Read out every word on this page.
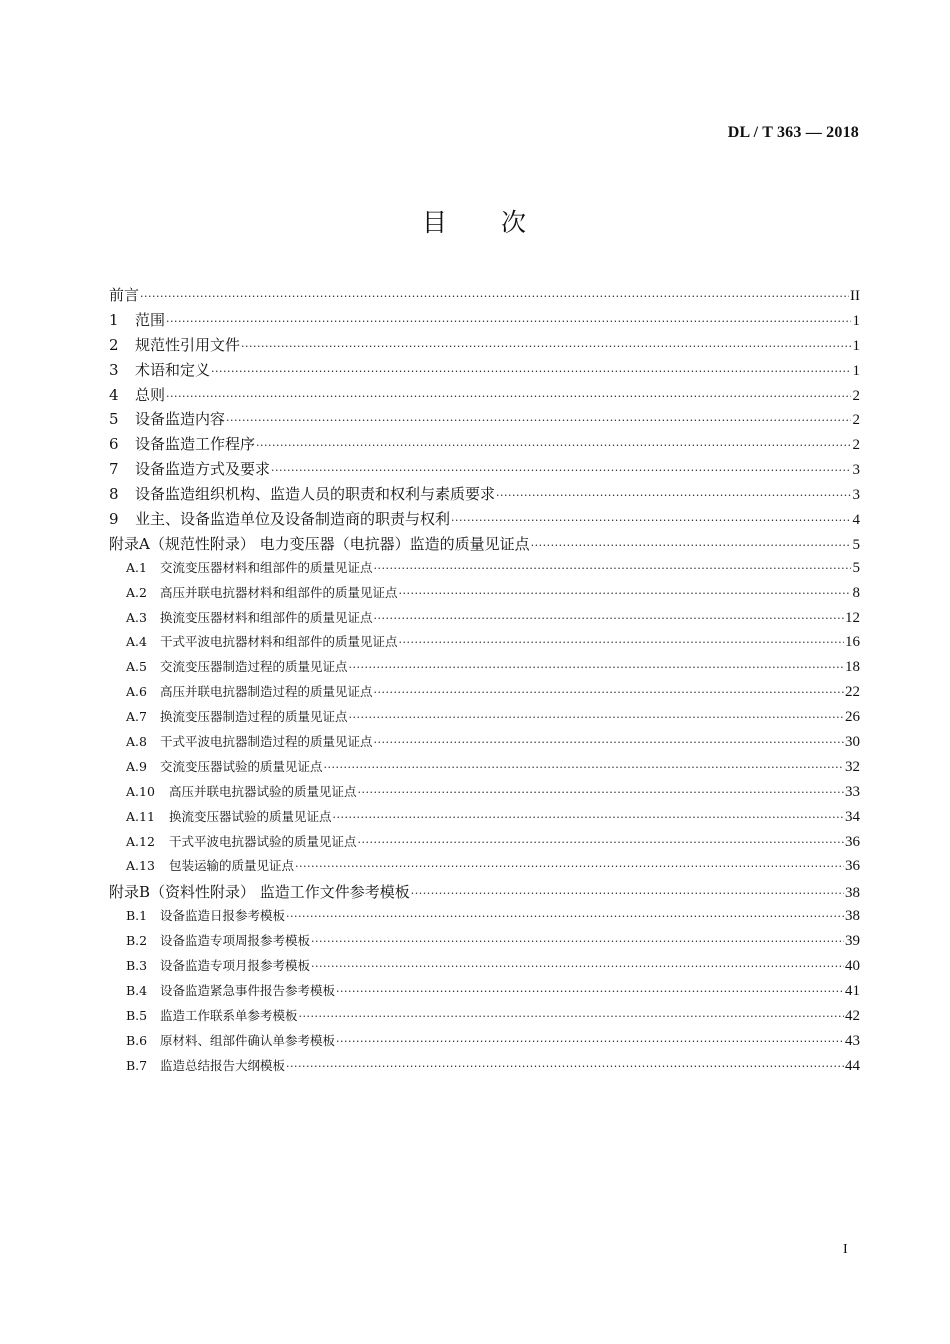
DL / T 363 — 2018
目 次
前言 ·····	II
1	范围 ·····	1
2	规范性引用文件 ·····	1
3	术语和定义 ·····	1
4	总则 ·····	2
5	设备监造内容 ·····	2
6	设备监造工作程序 ·····	2
7	设备监造方式及要求 ·····	3
8	设备监造组织机构、监造人员的职责和权利与素质要求 ·····	3
9	业主、设备监造单位及设备制造商的职责与权利 ·····	4
附录A（规范性附录） 电力变压器（电抗器）监造的质量见证点 ·····	5
A.1	交流变压器材料和组部件的质量见证点 ·····	5
A.2	高压并联电抗器材料和组部件的质量见证点 ·····	8
A.3	换流变压器材料和组部件的质量见证点 ·····	12
A.4	干式平波电抗器材料和组部件的质量见证点 ·····	16
A.5	交流变压器制造过程的质量见证点 ·····	18
A.6	高压并联电抗器制造过程的质量见证点 ·····	22
A.7	换流变压器制造过程的质量见证点 ·····	26
A.8	干式平波电抗器制造过程的质量见证点 ·····	30
A.9	交流变压器试验的质量见证点 ·····	32
A.10	高压并联电抗器试验的质量见证点 ·····	33
A.11	换流变压器试验的质量见证点 ·····	34
A.12	干式平波电抗器试验的质量见证点 ·····	36
A.13	包装运输的质量见证点 ·····	36
附录B（资料性附录） 监造工作文件参考模板 ·····	38
B.1	设备监造日报参考模板 ·····	38
B.2	设备监造专项周报参考模板 ·····	39
B.3	设备监造专项月报参考模板 ·····	40
B.4	设备监造紧急事件报告参考模板 ·····	41
B.5	监造工作联系单参考模板 ·····	42
B.6	原材料、组部件确认单参考模板 ·····	43
B.7	监造总结报告大纲模板 ·····	44
I
